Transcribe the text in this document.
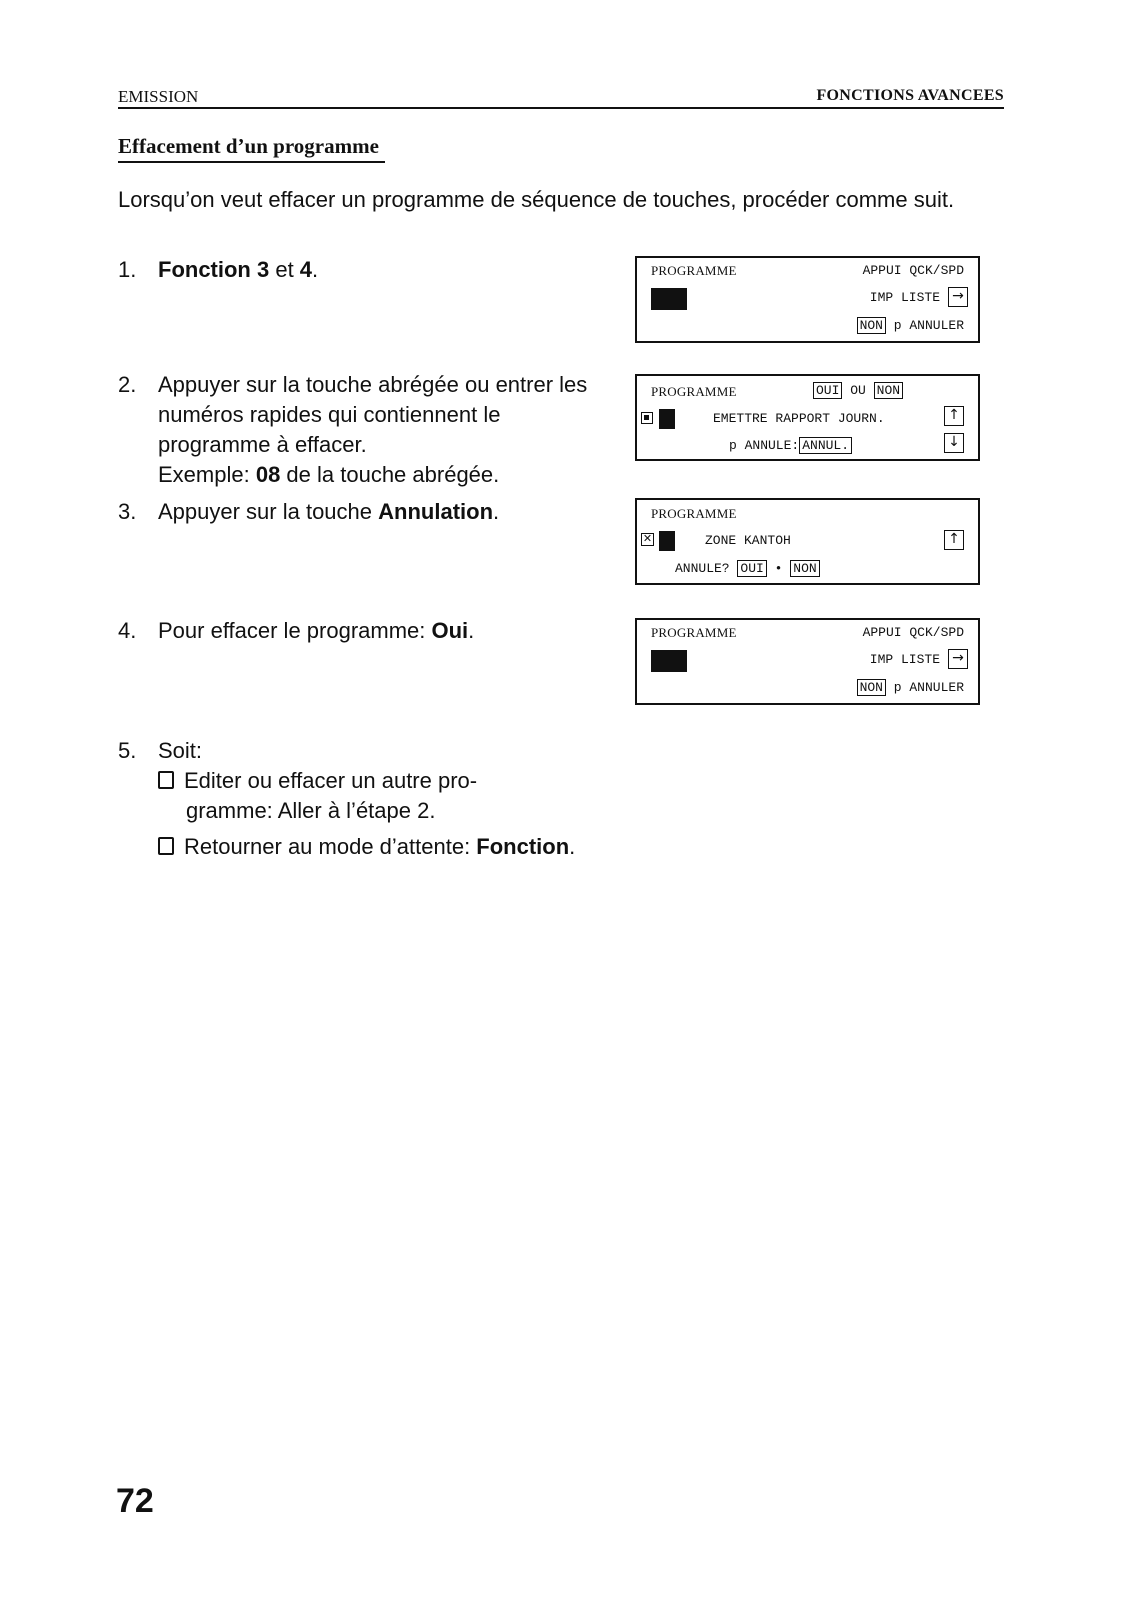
EMISSION	FONCTIONS AVANCEES
Effacement d’un programme
Lorsqu’on veut effacer un programme de séquence de touches, procéder comme suit.
1. Fonction 3 et 4.
2. Appuyer sur la touche abrégée ou entrer les numéros rapides qui contiennent le programme à effacer.
Exemple: 08 de la touche abrégée.
3. Appuyer sur la touche Annulation.
4. Pour effacer le programme: Oui.
5. Soit:
Editer ou effacer un autre pro-
gramme: Aller à l’étape 2.
Retourner au mode d’attente: Fonction.
PROGRAMME	APPUI QCK/SPD
IMP LISTE →
NON p ANNULER
PROGRAMME	OUI OU NON
EMETTRE RAPPORT JOURN.	↑
p ANNULE: ANNUL.	↓
PROGRAMME
✕	ZONE KANTOH	↑
ANNULE? OUI • NON
PROGRAMME	APPUI QCK/SPD
IMP LISTE →
NON p ANNULER
72
